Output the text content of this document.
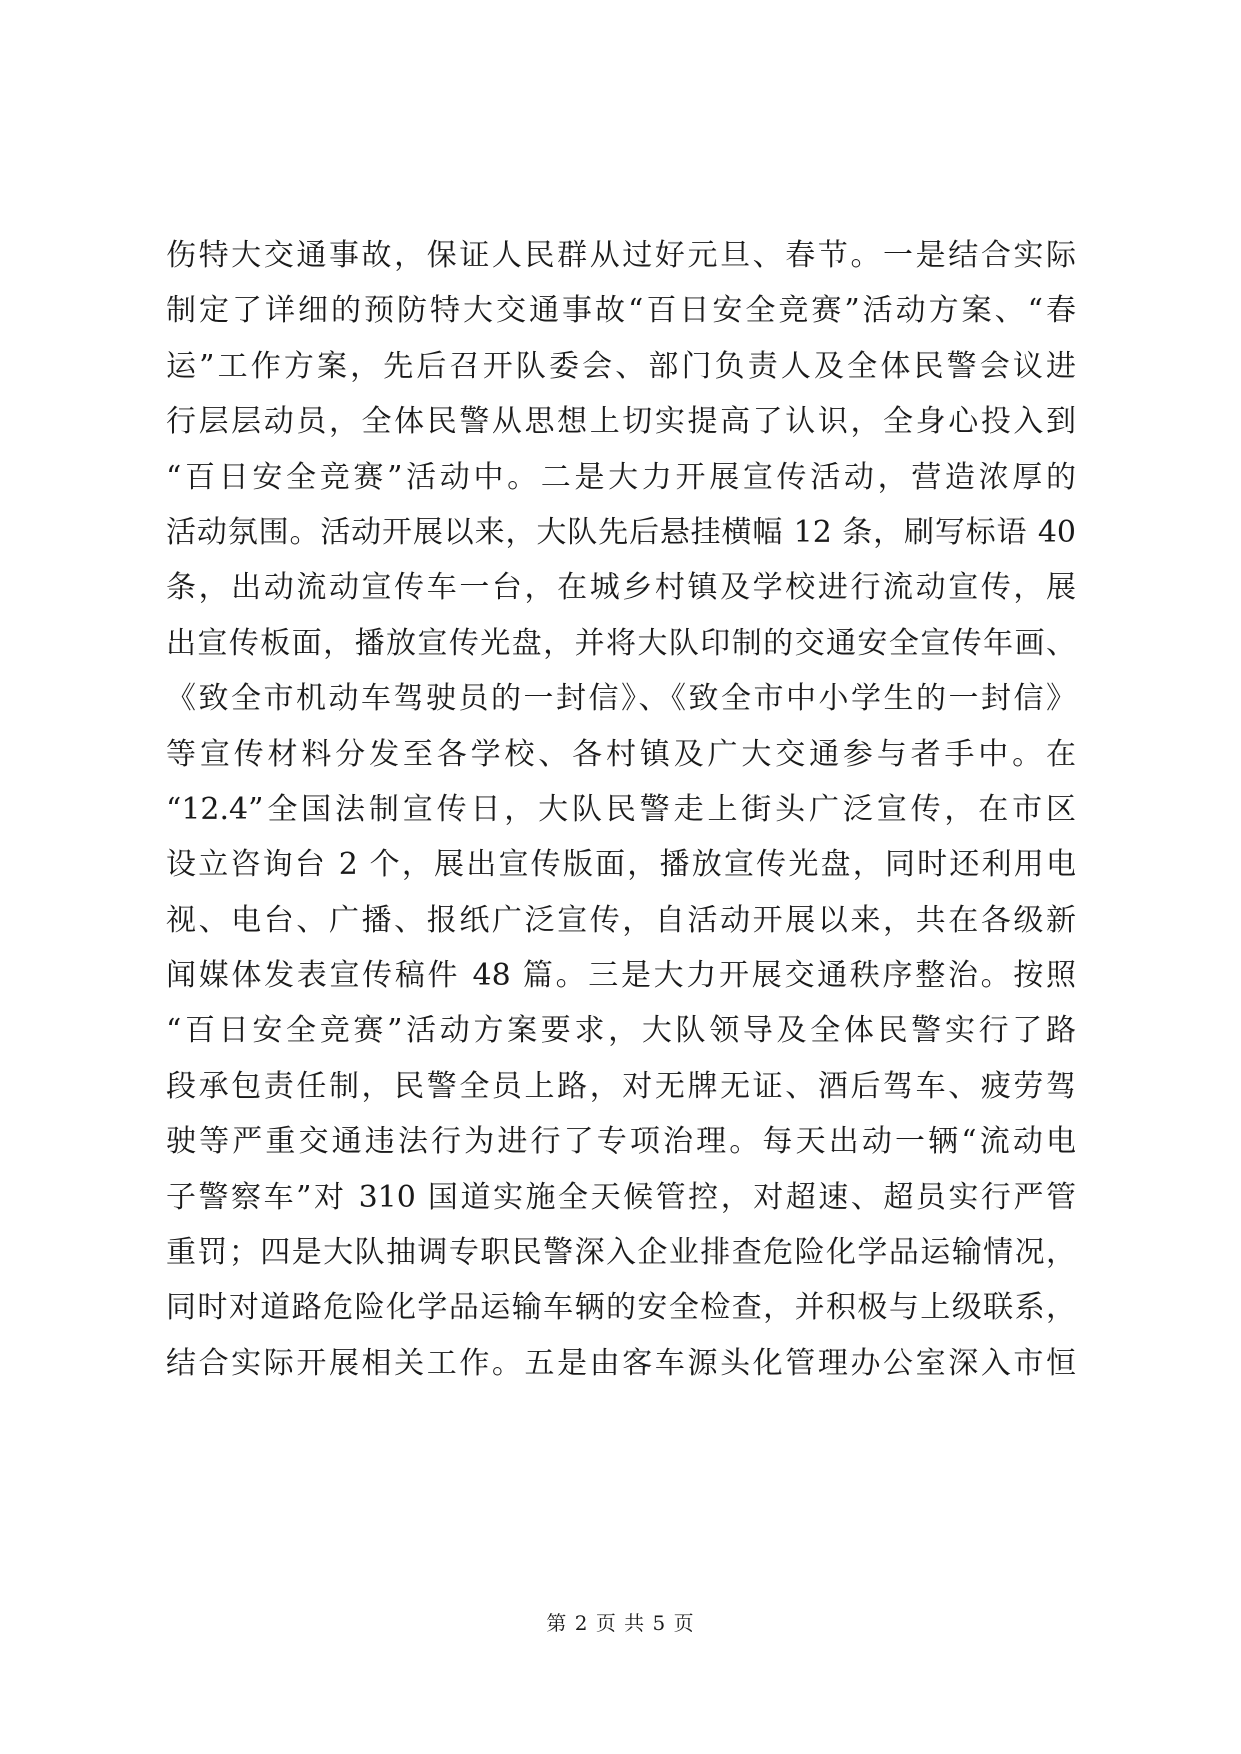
伤特大交通事故，保证人民群从过好元旦、春节。一是结合实际
制定了详细的预防特大交通事故“百日安全竞赛”活动方案、“春
运”工作方案，先后召开队委会、部门负责人及全体民警会议进
行层层动员，全体民警从思想上切实提高了认识，全身心投入到
“百日安全竞赛”活动中。二是大力开展宣传活动，营造浓厚的
活动氛围。活动开展以来，大队先后悬挂横幅 12 条，刷写标语 40
条，出动流动宣传车一台，在城乡村镇及学校进行流动宣传，展
出宣传板面，播放宣传光盘，并将大队印制的交通安全宣传年画、
《致全市机动车驾驶员的一封信》、《致全市中小学生的一封信》
等宣传材料分发至各学校、各村镇及广大交通参与者手中。在
“12.4”全国法制宣传日，大队民警走上街头广泛宣传，在市区
设立咨询台 2 个，展出宣传版面，播放宣传光盘，同时还利用电
视、电台、广播、报纸广泛宣传，自活动开展以来，共在各级新
闻媒体发表宣传稿件 48 篇。三是大力开展交通秩序整治。按照
“百日安全竞赛”活动方案要求，大队领导及全体民警实行了路
段承包责任制，民警全员上路，对无牌无证、酒后驾车、疲劳驾
驶等严重交通违法行为进行了专项治理。每天出动一辆“流动电
子警察车”对 310 国道实施全天候管控，对超速、超员实行严管
重罚；四是大队抽调专职民警深入企业排查危险化学品运输情况，
同时对道路危险化学品运输车辆的安全检查，并积极与上级联系，
结合实际开展相关工作。五是由客车源头化管理办公室深入市恒
第 2 页 共 5 页
